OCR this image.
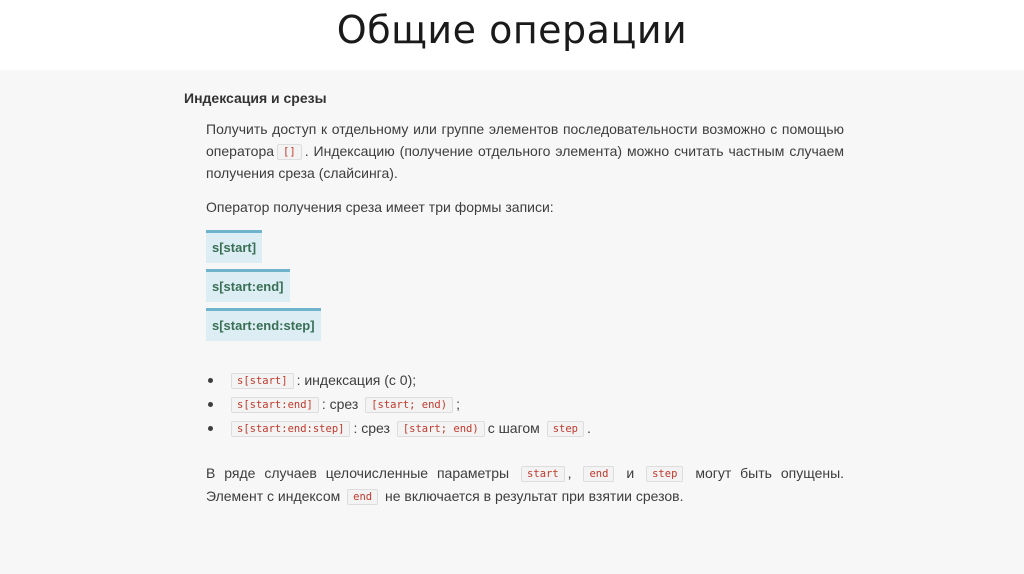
Общие операции
Индексация и срезы

Получить доступ к отдельному или группе элементов последовательности возможно с помощью оператора [] . Индексацию (получение отдельного элемента) можно считать частным случаем получения среза (слайсинга).

Оператор получения среза имеет три формы записи:

s[start]
s[start:end]
s[start:end:step]
s[start] : индексация (с 0);
s[start:end] : срез [start; end) ;
s[start:end:step] : срез [start; end) с шагом step .

В ряде случаев целочисленные параметры start , end и step могут быть опущены. Элемент с индексом end не включается в результат при взятии срезов.
